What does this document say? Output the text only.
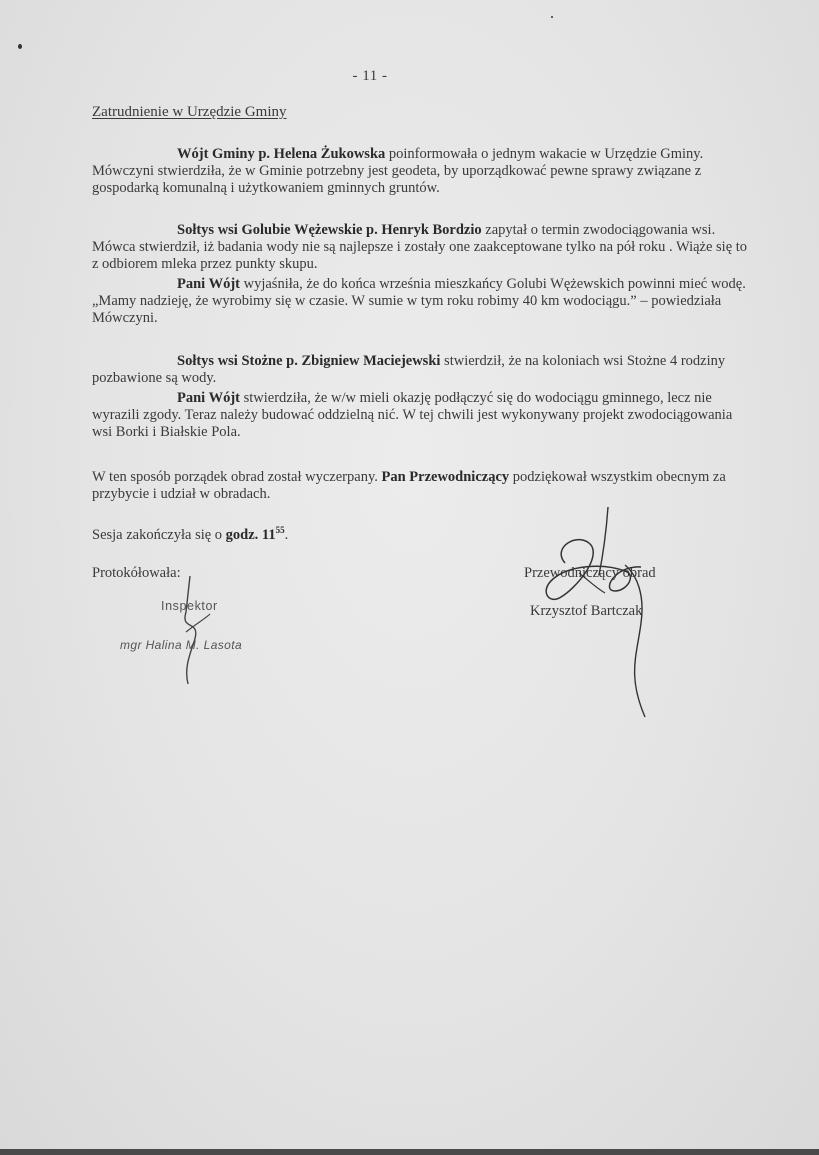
- 11 -
Zatrudnienie w Urzędzie Gminy

Wójt Gminy p. Helena Żukowska poinformowała o jednym wakacie w Urzędzie Gminy. Mówczyni stwierdziła, że w Gminie potrzebny jest geodeta, by uporządkować pewne sprawy związane z gospodarką komunalną i użytkowaniem gminnych gruntów.

Sołtys wsi Golubie Wężewskie p. Henryk Bordzio zapytał o termin zwodociągowania wsi. Mówca stwierdził, iż badania wody nie są najlepsze i zostały one zaakceptowane tylko na pół roku . Wiąże się to z odbiorem mleka przez punkty skupu.

Pani Wójt wyjaśniła, że do końca września mieszkańcy Golubi Wężewskich powinni mieć wodę. „Mamy nadzieję, że wyrobimy się w czasie. W sumie w tym roku robimy 40 km wodociągu.” – powiedziała Mówczyni.

Sołtys wsi Stożne p. Zbigniew Maciejewski stwierdził, że na koloniach wsi Stożne 4 rodziny pozbawione są wody.

Pani Wójt stwierdziła, że w/w mieli okazję podłączyć się do wodociągu gminnego, lecz nie wyrazili zgody. Teraz należy budować oddzielną nić. W tej chwili jest wykonywany projekt zwodociągowania wsi Borki i Białskie Pola.

W ten sposób porządek obrad został wyczerpany. Pan Przewodniczący podziękował wszystkim obecnym za przybycie i udział w obradach.

Sesja zakończyła się o godz. $11^{55}$.

Protokółowała:
Inspektor
mgr Halina M. Lasota
Przewodniczący obrad
Krzysztof Bartczak
